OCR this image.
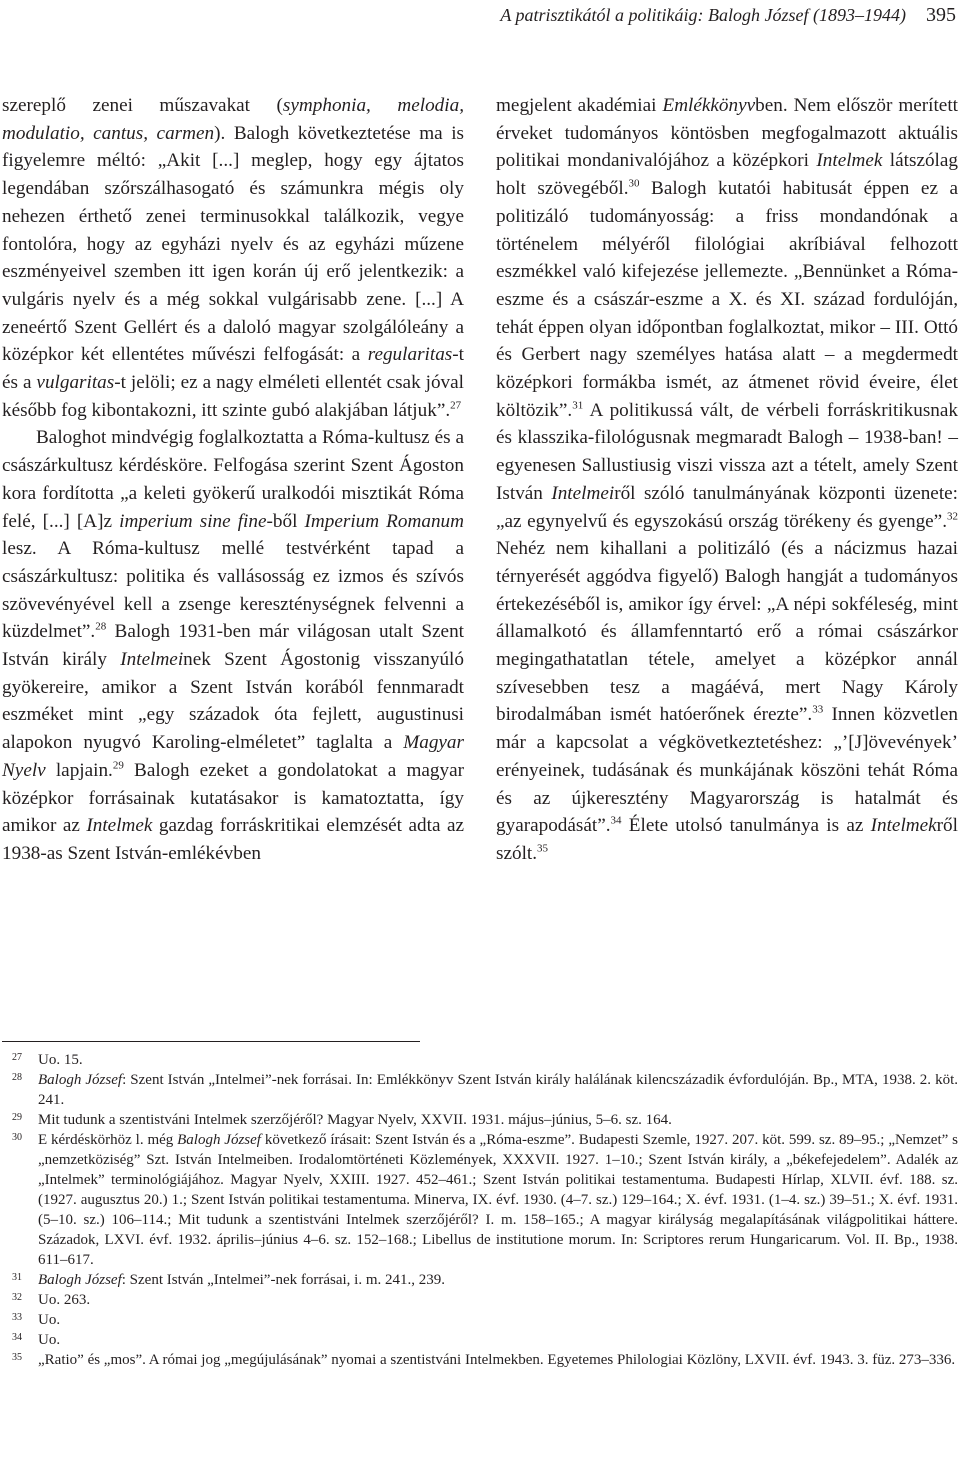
A patrisztikától a politikáig: Balogh József (1893–1944) 395

szereplő zenei műszavakat (symphonia, melodia, modulatio, cantus, carmen). Balogh következtetése ma is figyelemre méltó: „Akit [...] meglep, hogy egy ájtatos legendában szőrszálhasogató és számunkra mégis oly nehezen érthető zenei terminusokkal találkozik, vegye fontolóra, hogy az egyházi nyelv és az egyházi műzene eszményeivel szemben itt igen korán új erő jelentkezik: a vulgáris nyelv és a még sokkal vulgárisabb zene. [...] A zeneértő Szent Gellért és a daloló magyar szolgálóleány a középkor két ellentétes művészi felfogását: a regularitas-t és a vulgaritas-t jelöli; ez a nagy elméleti ellentét csak jóval később fog kibontakozni, itt szinte gubó alakjában látjuk”.$^{27}$

Baloghot mindvégig foglalkoztatta a Róma-kultusz és a császárkultusz kérdésköre. Felfogása szerint Szent Ágoston kora fordította „a keleti gyökerű uralkodói misztikát Róma felé, [...] [A]z imperium sine fine-ből Imperium Romanum lesz. A Róma-kultusz mellé testvérként tapad a császárkultusz: politika és vallásosság ez izmos és szívós szövevényével kell a zsenge kereszténységnek felvenni a küzdelmet”.$^{28}$ Balogh 1931-ben már világosan utalt Szent István király Intelmeinek Szent Ágostonig visszanyúló gyökereire, amikor a Szent István korából fennmaradt eszméket mint „egy századok óta fejlett, augustinusi alapokon nyugvó Karoling-elméletet” taglalta a Magyar Nyelv lapjain.$^{29}$ Balogh ezeket a gondolatokat a magyar középkor forrásainak kutatásakor is kamatoztatta, így amikor az Intelmek gazdag forráskritikai elemzését adta az 1938-as Szent István-emlékévben

megjelent akadémiai Emlékkönyvben. Nem először merített érveket tudományos köntösben megfogalmazott aktuális politikai mondanivalójához a középkori Intelmek látszólag holt szövegéből.$^{30}$ Balogh kutatói habitusát éppen ez a politizáló tudományosság: a friss mondandónak a történelem mélyéről filológiai akríbiával felhozott eszmékkel való kifejezése jellemezte. „Bennünket a Róma-eszme és a császár-eszme a X. és XI. század fordulóján, tehát éppen olyan időpontban foglalkoztat, mikor – III. Ottó és Gerbert nagy személyes hatása alatt – a megdermedt középkori formákba ismét, az átmenet rövid éveire, élet költözik”.$^{31}$ A politikussá vált, de vérbeli forráskritikusnak és klasszika-filológusnak megmaradt Balogh – 1938-ban! – egyenesen Sallustiusig viszi vissza azt a tételt, amely Szent István Intelmeiről szóló tanulmányának központi üzenete: „az egynyelvű és egyszokású ország törékeny és gyenge”.$^{32}$ Nehéz nem kihallani a politizáló (és a nácizmus hazai térnyerését aggódva figyelő) Balogh hangját a tudományos értekezéséből is, amikor így érvel: „A népi sokféleség, mint államalkotó és államfenntartó erő a római császárkor megingathatatlan tétele, amelyet a középkor annál szívesebben tesz a magáévá, mert Nagy Károly birodalmában ismét hatóerőnek érezte”.$^{33}$ Innen közvetlen már a kapcsolat a végkövetkeztetéshez: „’[J]övevények’ erényeinek, tudásának és munkájának köszöni tehát Róma és az újkeresztény Magyarország is hatalmát és gyarapodását”.$^{34}$ Élete utolsó tanulmánya is az Intelmekről szólt.$^{35}$

27 Uo. 15.
28 Balogh József: Szent István „Intelmei”-nek forrásai. In: Emlékkönyv Szent István király halálának kilencszázadik évfordulóján. Bp., MTA, 1938. 2. köt. 241.
29 Mit tudunk a szentistváni Intelmek szerzőjéről? Magyar Nyelv, XXVII. 1931. május–június, 5–6. sz. 164.
30 E kérdéskörhöz l. még Balogh József következő írásait: Szent István és a „Róma-eszme”. Budapesti Szemle, 1927. 207. köt. 599. sz. 89–95.; „Nemzet” s „nemzetköziség” Szt. István Intelmeiben. Irodalomtörténeti Közlemények, XXXVII. 1927. 1–10.; Szent István király, a „békefejedelem”. Adalék az „Intelmek” terminológiájához. Magyar Nyelv, XXIII. 1927. 452–461.; Szent István politikai testamentuma. Budapesti Hírlap, XLVII. évf. 188. sz. (1927. augusztus 20.) 1.; Szent István politikai testamentuma. Minerva, IX. évf. 1930. (4–7. sz.) 129–164.; X. évf. 1931. (1–4. sz.) 39–51.; X. évf. 1931. (5–10. sz.) 106–114.; Mit tudunk a szentistváni Intelmek szerzőjéről? I. m. 158–165.; A magyar királyság megalapításának világpolitikai háttere. Századok, LXVI. évf. 1932. április–június 4–6. sz. 152–168.; Libellus de institutione morum. In: Scriptores rerum Hungaricarum. Vol. II. Bp., 1938. 611–617.
31 Balogh József: Szent István „Intelmei”-nek forrásai, i. m. 241., 239.
32 Uo. 263.
33 Uo.
34 Uo.
35 „Ratio” és „mos”. A római jog „megújulásának” nyomai a szentistváni Intelmekben. Egyetemes Philologiai Közlöny, LXVII. évf. 1943. 3. füz. 273–336.
